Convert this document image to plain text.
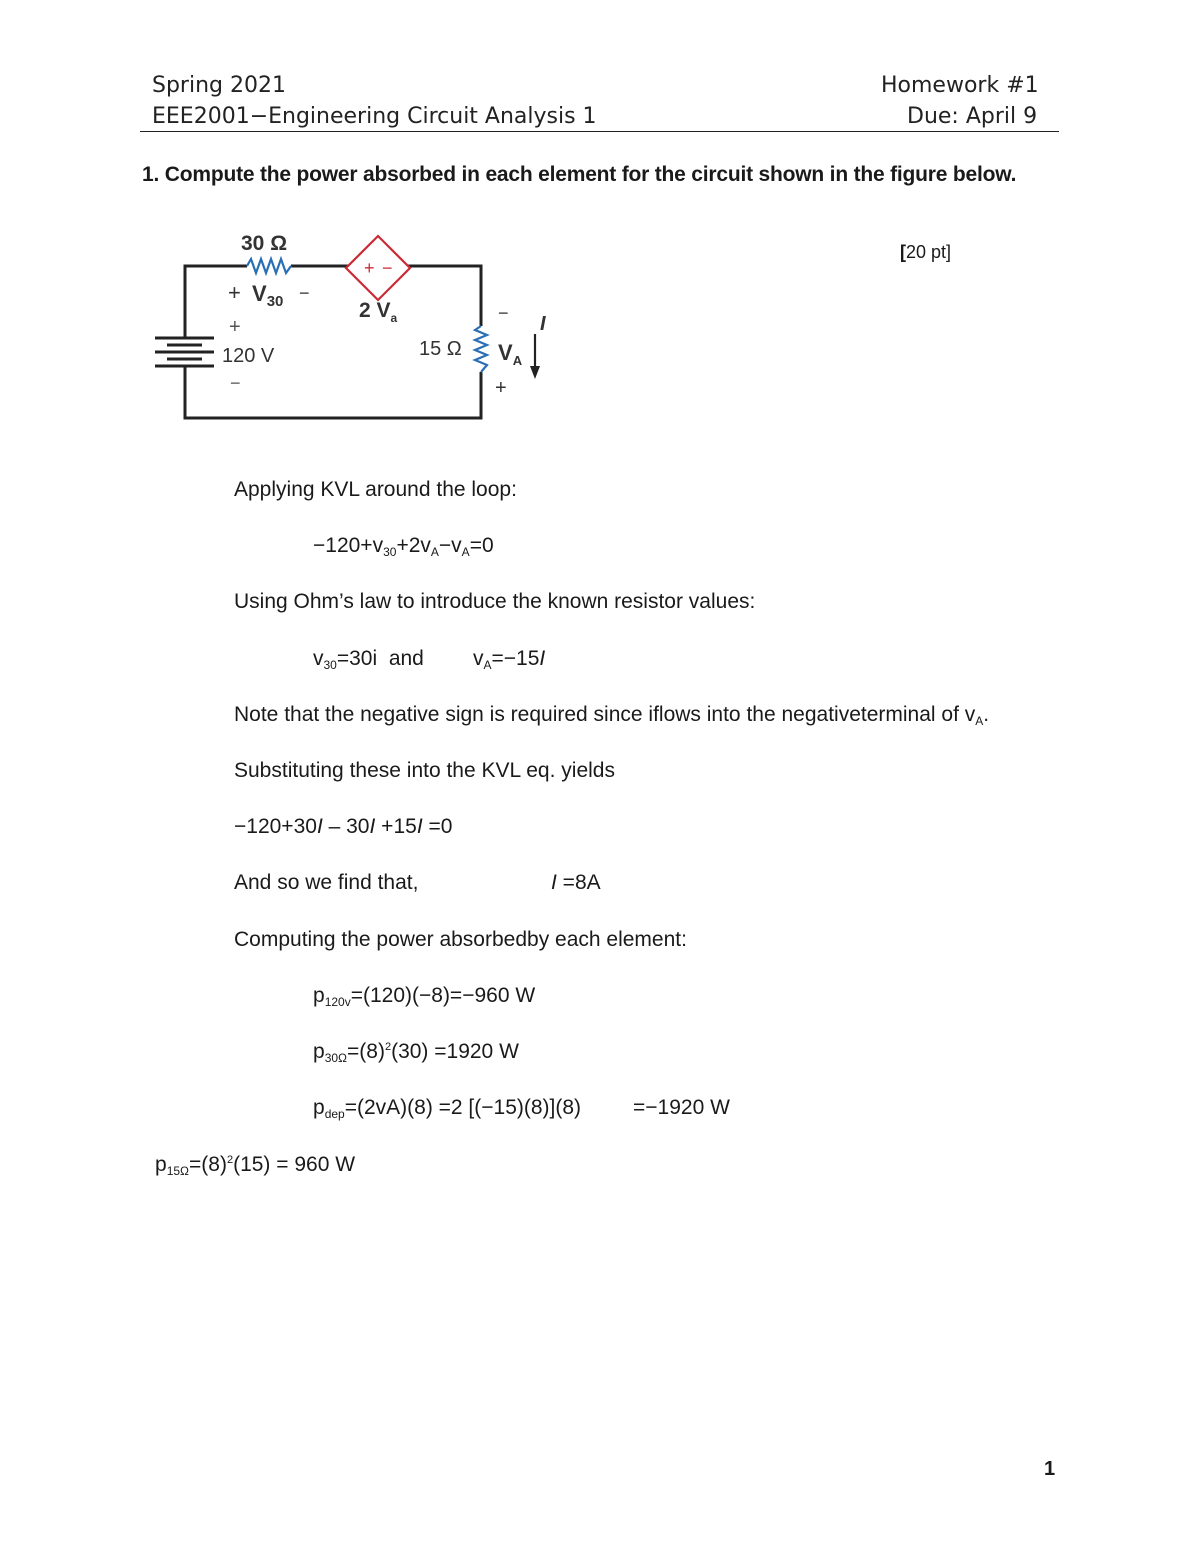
Spring 2021
EEE2001−Engineering Circuit Analysis 1
Homework #1
Due: April 9
1. Compute the power absorbed in each element for the circuit shown in the figure below.
[20 pt]
30 Ω
+ $V_{30}$ −
+
120 V
−
+ −
2 $V_a$
15 Ω
−
$V_A$
+
I
Applying KVL around the loop:
$-120+v_{30}+2v_A-v_A=0$
Using Ohm’s law to introduce the known resistor values:
$v_{30}=30i$  and $v_A=-15I$
Note that the negative sign is required since iflows into the negativeterminal of $v_A$.
Substituting these into the KVL eq. yields
−120+30I – 30I +15I =0
And so we find that,	I =8A
Computing the power absorbedby each element:
$p_{120v}=(120)(-8)=-960$ W
$p_{30\Omega}=(8)^2(30) =1920$ W
$p_{dep}=(2vA)(8) =2$ [(−15)(8)](8) =−1920 W
$p_{15\Omega}=(8)^2(15) = 960$ W
1
